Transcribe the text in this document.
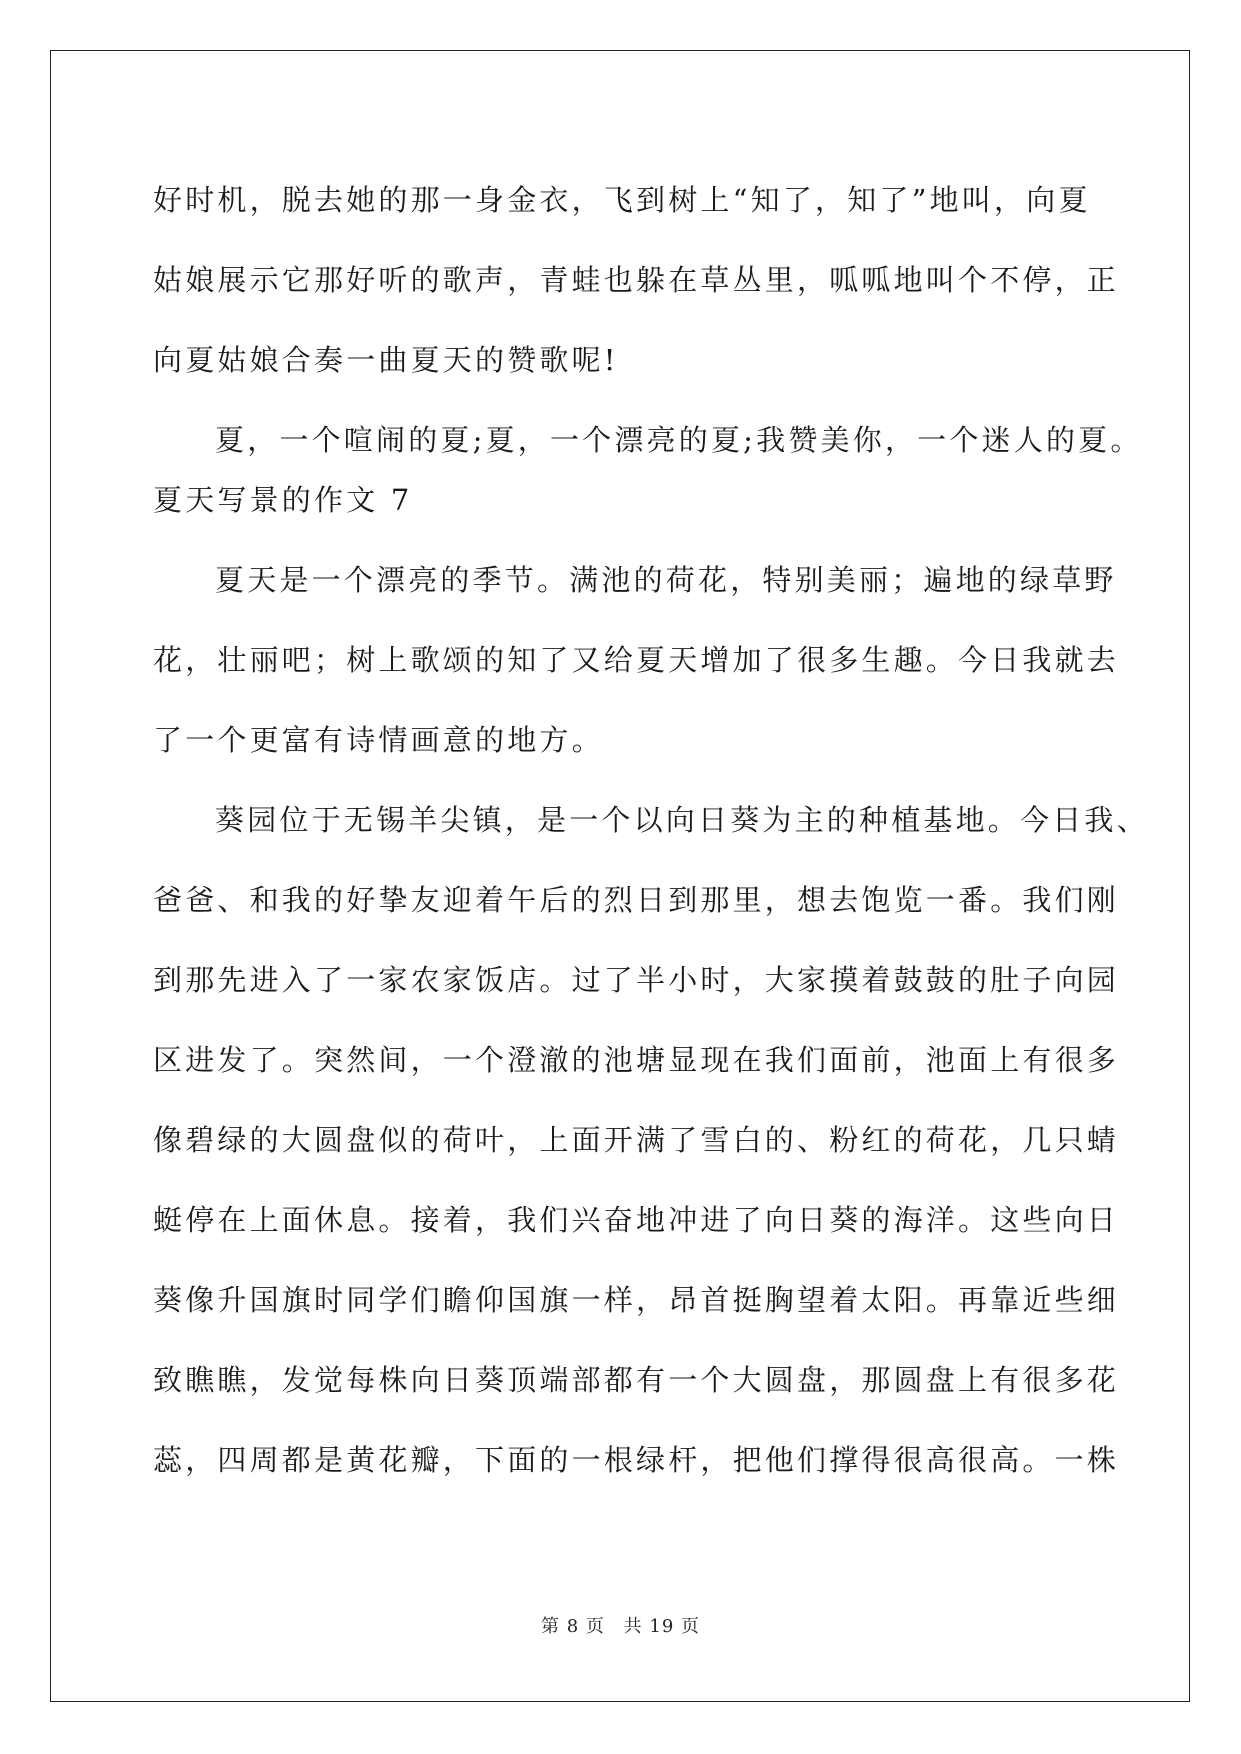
好时机，脱去她的那一身金衣，飞到树上“知了，知了”地叫，向夏
姑娘展示它那好听的歌声，青蛙也躲在草丛里，呱呱地叫个不停，正
向夏姑娘合奏一曲夏天的赞歌呢!
夏，一个喧闹的夏;夏，一个漂亮的夏;我赞美你，一个迷人的夏。
夏天写景的作文 7
夏天是一个漂亮的季节。满池的荷花，特别美丽；遍地的绿草野
花，壮丽吧；树上歌颂的知了又给夏天增加了很多生趣。今日我就去
了一个更富有诗情画意的地方。
葵园位于无锡羊尖镇，是一个以向日葵为主的种植基地。今日我、
爸爸、和我的好挚友迎着午后的烈日到那里，想去饱览一番。我们刚
到那先进入了一家农家饭店。过了半小时，大家摸着鼓鼓的肚子向园
区进发了。突然间，一个澄澈的池塘显现在我们面前，池面上有很多
像碧绿的大圆盘似的荷叶，上面开满了雪白的、粉红的荷花，几只蜻
蜓停在上面休息。接着，我们兴奋地冲进了向日葵的海洋。这些向日
葵像升国旗时同学们瞻仰国旗一样，昂首挺胸望着太阳。再靠近些细
致瞧瞧，发觉每株向日葵顶端部都有一个大圆盘，那圆盘上有很多花
蕊，四周都是黄花瓣，下面的一根绿杆，把他们撑得很高很高。一株
第 8 页 共 19 页
